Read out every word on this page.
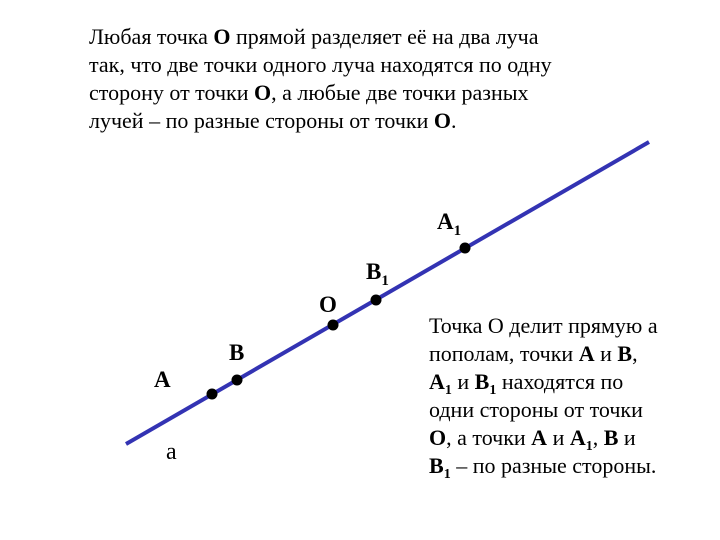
Любая точка О прямой разделяет её на два луча
так, что две точки одного луча находятся по одну
сторону от точки О, а любые две точки разных
лучей – по разные стороны от точки О.
А
В
О
$В_1$
$А_1$
а
Точка О делит прямую а
пополам, точки А и В,
$А_1$ и $В_1$ находятся по
одни стороны от точки
О, а точки А и $А_1$, В и
$В_1$ – по разные стороны.
